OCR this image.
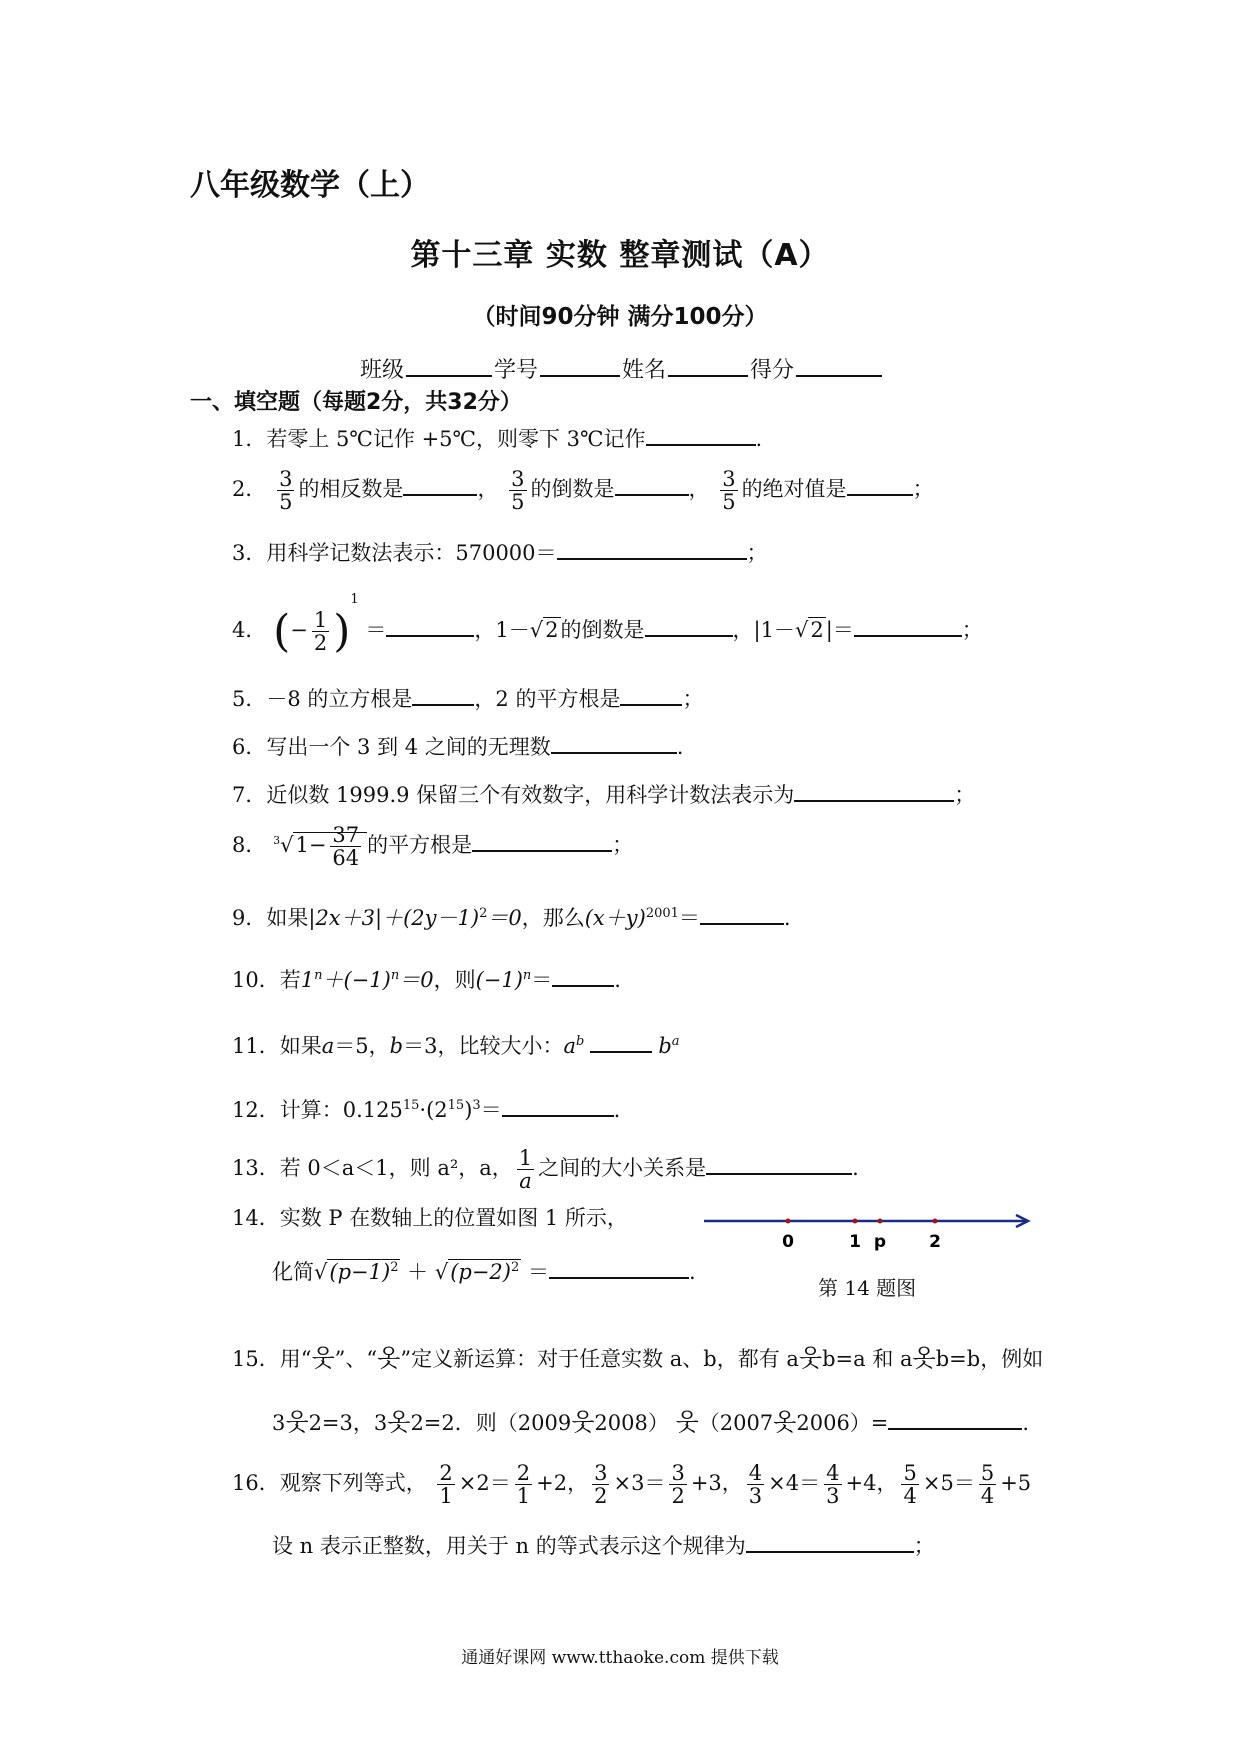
八年级数学（上）
第十三章 实数 整章测试（A）
（时间90分钟 满分100分）
班级	学号	姓名	得分
一、填空题（每题2分，共32分）
1．若零上 5℃记作 +5℃，则零下 3℃记作	.
2． $\frac{3}{5}$ 的相反数是	， $\frac{3}{5}$ 的倒数是	， $\frac{3}{5}$ 的绝对值是	；
3．用科学记数法表示：570000＝	；
4． (− $\frac{1}{2} )^1$ ＝	，1－√2的倒数是	，|1－√2|＝	；
5．－8 的立方根是	，2 的平方根是	；
6．写出一个 3 到 4 之间的无理数	.
7．近似数 1999.9 保留三个有效数字，用科学计数法表示为	；
8． $^3√1- \frac{37}{64}$ 的平方根是	；
9．如果$|2x+3|+(2y-1)^2=0$，那么$(x+y)^{2001}=$	.
10．若$1^n+(-1)^n=0$，则$(-1)^n=$	.
11．如果a＝5，b＝3，比较大小：$a^b$	$b^a$
12．计算：$0.125^{15}\cdot(2^{15})^3=$	.
13．若 0＜a＜1，则 a²，a， $\frac{1}{a}$ 之间的大小关系是	.
14．实数 P 在数轴上的位置如图 1 所示，
化简$√(p-1)^2 + √(p-2)^2$ ＝	.
0	1 p	2
第 14 题图
15．用“웃”、“옷”定义新运算：对于任意实数 a、b，都有 a웃b=a 和 a옷b=b，例如
3웃2=3，3옷2=2．则（2009웃2008） 웃（2007옷2006）=	.
16．观察下列等式， $\frac{2}{1} \times 2= \frac{2}{1} +2$， $\frac{3}{2} \times 3= \frac{3}{2} +3$， $\frac{4}{3} \times 4= \frac{4}{3} +4$， $\frac{5}{4} \times 5= \frac{5}{4} +5$
设 n 表示正整数，用关于 n 的等式表示这个规律为	；
通通好课网 www.tthaoke.com 提供下载
